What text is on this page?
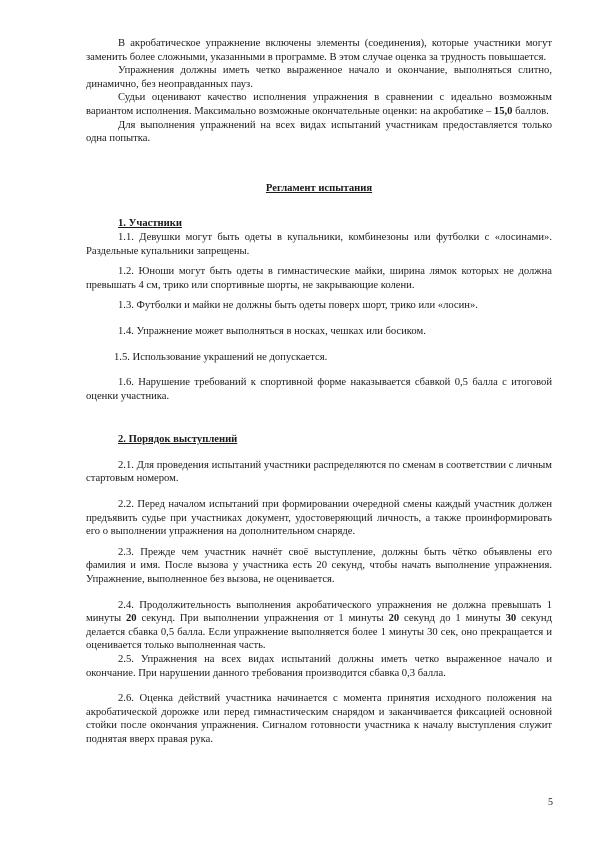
В акробатическое упражнение включены элементы (соединения), которые участники могут заменить более сложными, указанными в программе. В этом случае оценка за трудность повышается.

Упражнения должны иметь четко выраженное начало и окончание, выполняться слитно, динамично, без неоправданных пауз.

Судьи оценивают качество исполнения упражнения в сравнении с идеально возможным вариантом исполнения. Максимально возможные окончательные оценки: на акробатике – 15,0 баллов.

Для выполнения упражнений на всех видах испытаний участникам предоставляется только одна попытка.

Регламент испытания

1. Участники

1.1. Девушки могут быть одеты в купальники, комбинезоны или футболки с «лосинами». Раздельные купальники запрещены.

1.2. Юноши могут быть одеты в гимнастические майки, ширина лямок которых не должна превышать 4 см, трико или спортивные шорты, не закрывающие колени.

1.3. Футболки и майки не должны быть одеты поверх шорт, трико или «лосин».

1.4. Упражнение может выполняться в носках, чешках или босиком.

1.5. Использование украшений не допускается.

1.6. Нарушение требований к спортивной форме наказывается сбавкой 0,5 балла с итоговой оценки участника.

2. Порядок выступлений

2.1. Для проведения испытаний участники распределяются по сменам в соответствии с личным стартовым номером.

2.2. Перед началом испытаний при формировании очередной смены каждый участник должен предъявить судье при участниках документ, удостоверяющий личность, а также проинформировать его о выполнении упражнения на дополнительном снаряде.

2.3. Прежде чем участник начнёт своё выступление, должны быть чётко объявлены его фамилия и имя. После вызова у участника есть 20 секунд, чтобы начать выполнение упражнения. Упражнение, выполненное без вызова, не оценивается.

2.4. Продолжительность выполнения акробатического упражнения не должна превышать 1 минуты 20 секунд. При выполнении упражнения от 1 минуты 20 секунд до 1 минуты 30 секунд делается сбавка 0,5 балла. Если упражнение выполняется более 1 минуты 30 сек, оно прекращается и оценивается только выполненная часть.

2.5. Упражнения на всех видах испытаний должны иметь четко выраженное начало и окончание. При нарушении данного требования производится сбавка 0,3 балла.

2.6. Оценка действий участника начинается с момента принятия исходного положения на акробатической дорожке или перед гимнастическим снарядом и заканчивается фиксацией основной стойки после окончания упражнения. Сигналом готовности участника к началу выступления служит поднятая вверх правая рука.

5
